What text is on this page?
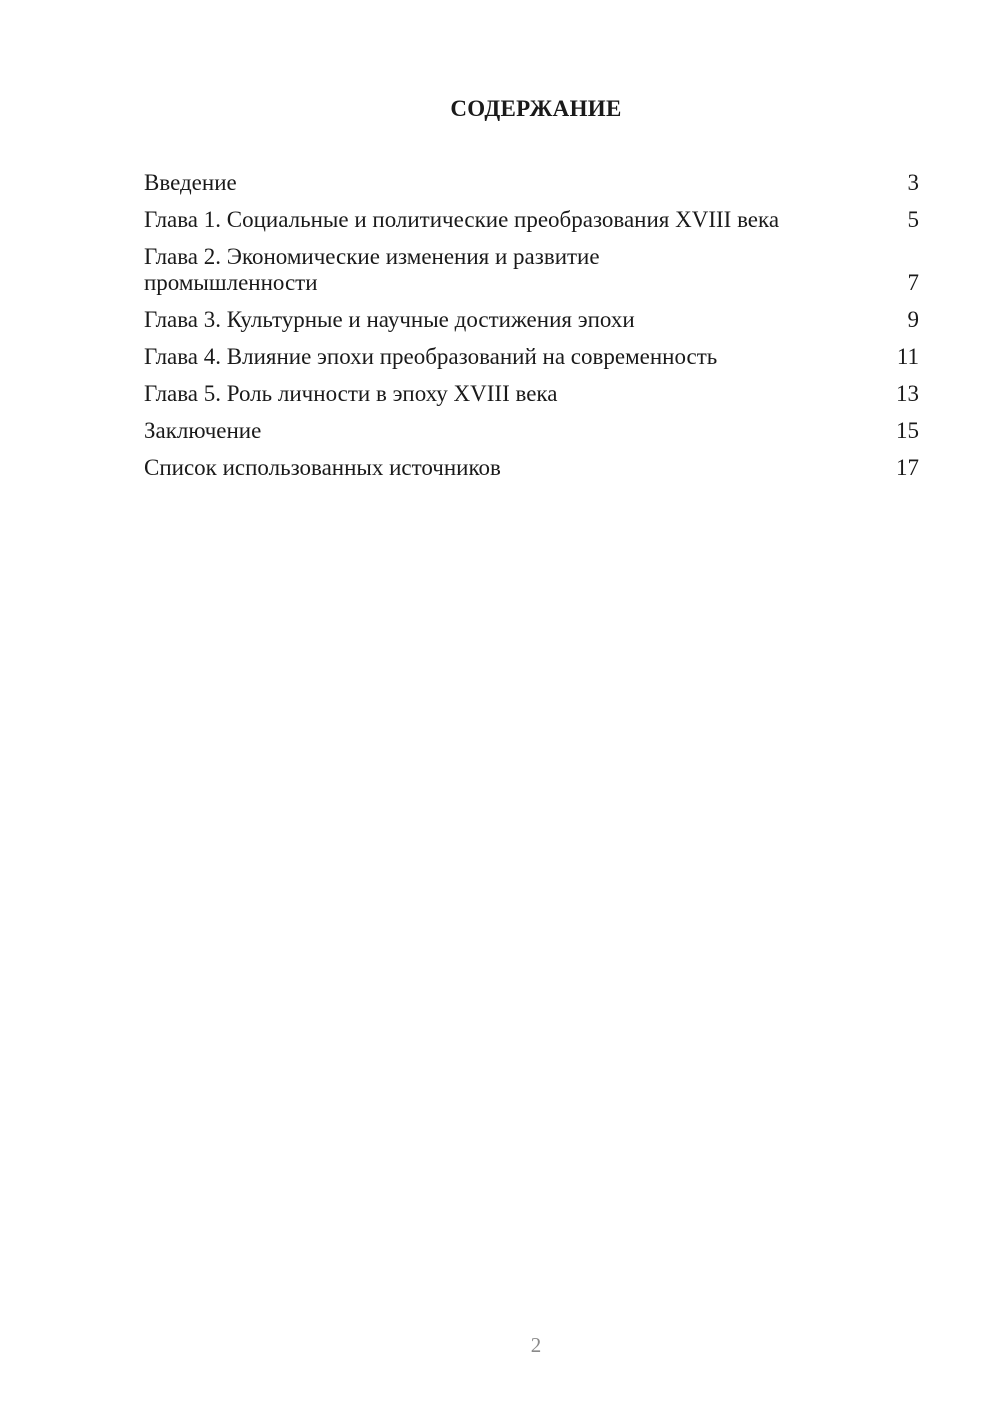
СОДЕРЖАНИЕ
Введение	3
Глава 1. Социальные и политические преобразования XVIII века	5
Глава 2. Экономические изменения и развитие промышленности	7
Глава 3. Культурные и научные достижения эпохи	9
Глава 4. Влияние эпохи преобразований на современность	11
Глава 5. Роль личности в эпоху XVIII века	13
Заключение	15
Список использованных источников	17
2
